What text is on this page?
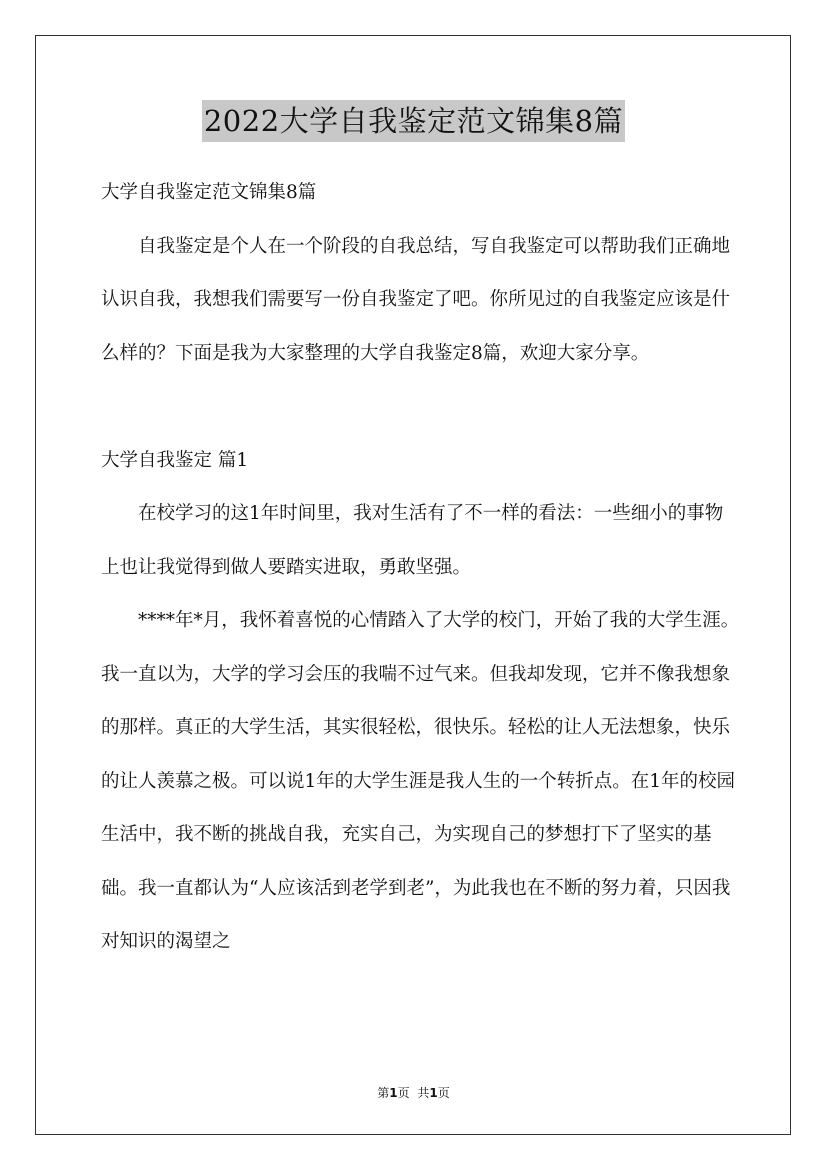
2022大学自我鉴定范文锦集8篇

大学自我鉴定范文锦集8篇

自我鉴定是个人在一个阶段的自我总结，写自我鉴定可以帮助我们正确地认识自我，我想我们需要写一份自我鉴定了吧。你所见过的自我鉴定应该是什么样的？下面是我为大家整理的大学自我鉴定8篇，欢迎大家分享。

大学自我鉴定 篇1

在校学习的这1年时间里，我对生活有了不一样的看法：一些细小的事物上也让我觉得到做人要踏实进取，勇敢坚强。

****年*月，我怀着喜悦的心情踏入了大学的校门，开始了我的大学生涯。我一直以为，大学的学习会压的我喘不过气来。但我却发现，它并不像我想象的那样。真正的大学生活，其实很轻松，很快乐。轻松的让人无法想象，快乐的让人羡慕之极。可以说1年的大学生涯是我人生的一个转折点。在1年的校园生活中，我不断的挑战自我，充实自己，为实现自己的梦想打下了坚实的基础。我一直都认为“人应该活到老学到老”，为此我也在不断的努力着，只因我对知识的渴望之

第1页 共1页
